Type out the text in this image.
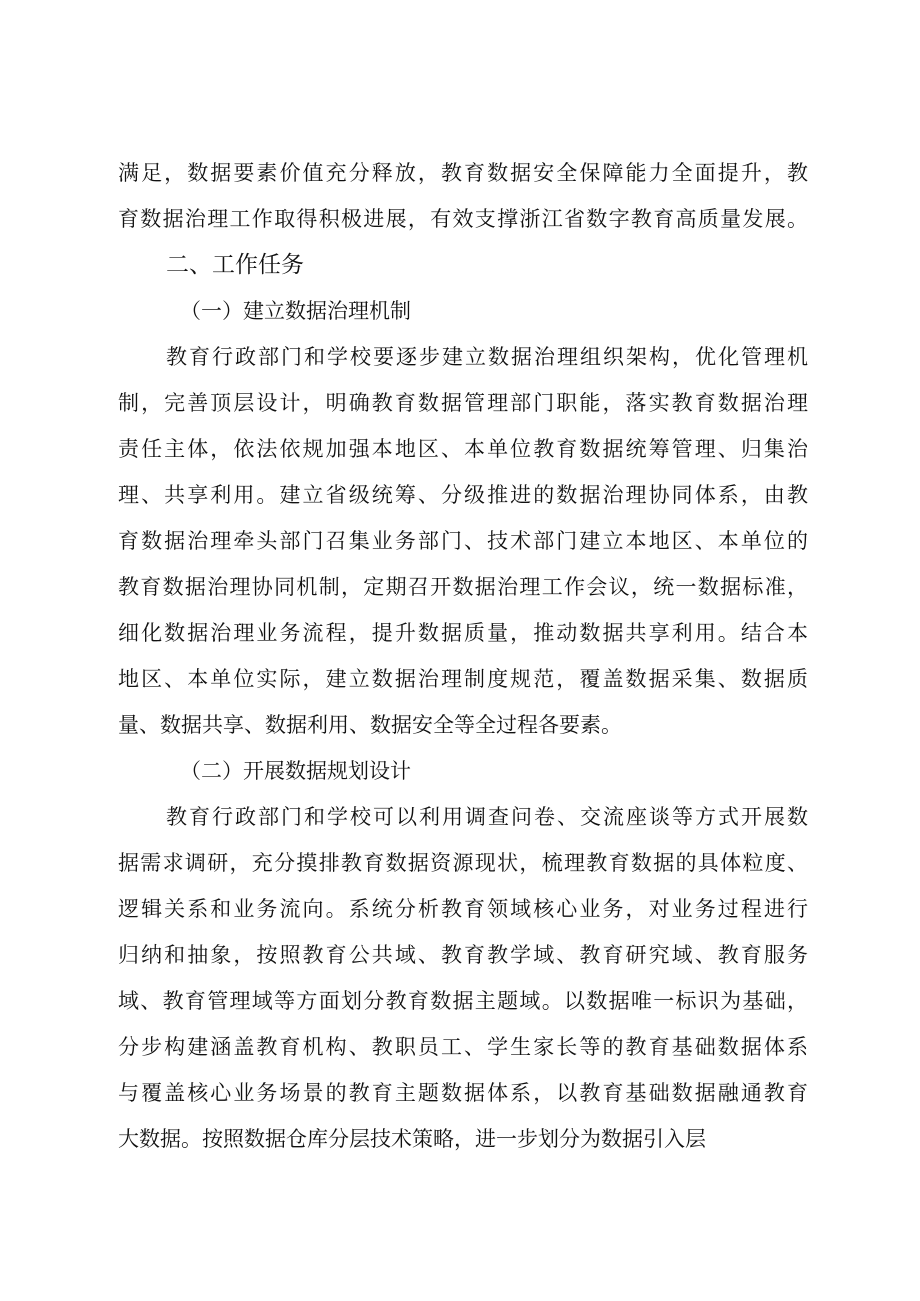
满足，数据要素价值充分释放，教育数据安全保障能力全面提升，教
育数据治理工作取得积极进展，有效支撑浙江省数字教育高质量发展。
二、工作任务
（一）建立数据治理机制
教育行政部门和学校要逐步建立数据治理组织架构，优化管理机
制，完善顶层设计，明确教育数据管理部门职能，落实教育数据治理
责任主体，依法依规加强本地区、本单位教育数据统筹管理、归集治
理、共享利用。建立省级统筹、分级推进的数据治理协同体系，由教
育数据治理牵头部门召集业务部门、技术部门建立本地区、本单位的
教育数据治理协同机制，定期召开数据治理工作会议，统一数据标准，
细化数据治理业务流程，提升数据质量，推动数据共享利用。结合本
地区、本单位实际，建立数据治理制度规范，覆盖数据采集、数据质
量、数据共享、数据利用、数据安全等全过程各要素。
（二）开展数据规划设计
教育行政部门和学校可以利用调查问卷、交流座谈等方式开展数
据需求调研，充分摸排教育数据资源现状，梳理教育数据的具体粒度、
逻辑关系和业务流向。系统分析教育领域核心业务，对业务过程进行
归纳和抽象，按照教育公共域、教育教学域、教育研究域、教育服务
域、教育管理域等方面划分教育数据主题域。以数据唯一标识为基础，
分步构建涵盖教育机构、教职员工、学生家长等的教育基础数据体系
与覆盖核心业务场景的教育主题数据体系，以教育基础数据融通教育
大数据。按照数据仓库分层技术策略，进一步划分为数据引入层
